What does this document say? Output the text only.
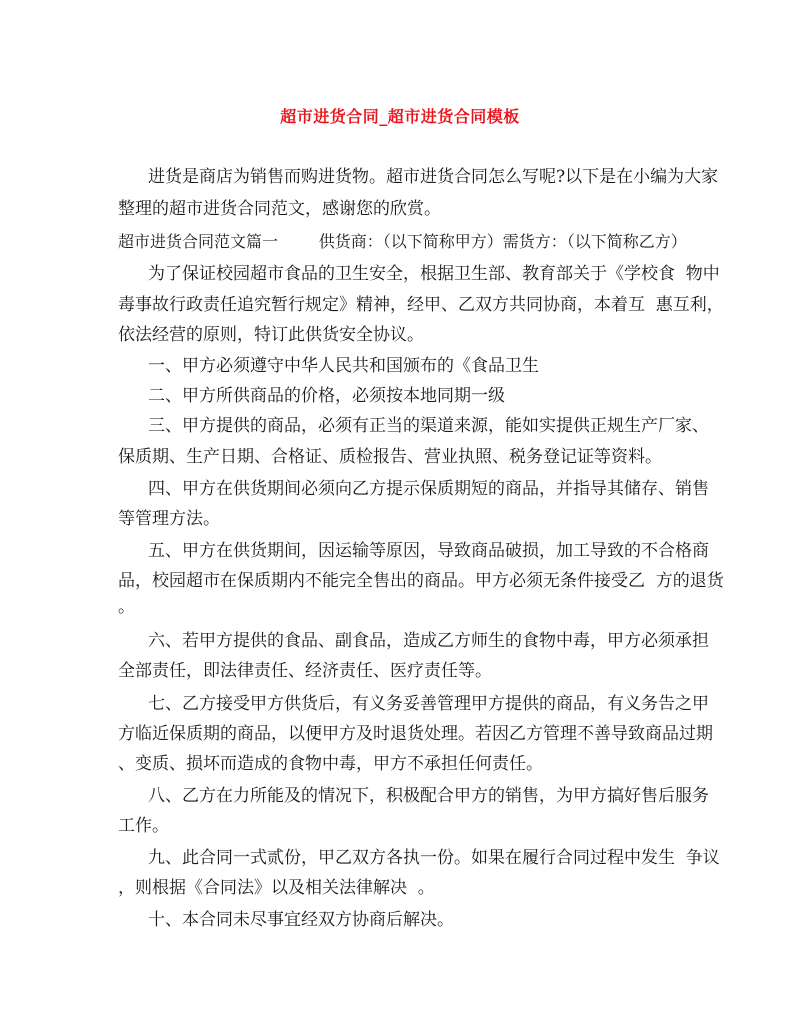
超市进货合同_超市进货合同模板
进货是商店为销售而购进货物。超市进货合同怎么写呢?以下是在小编为大家
整理的超市进货合同范文，感谢您的欣赏。
超市进货合同范文篇一        供货商：（以下简称甲方）需货方：（以下简称乙方）
为了保证校园超市食品的卫生安全，根据卫生部、教育部关于《学校食  物中
毒事故行政责任追究暂行规定》精神，经甲、乙双方共同协商，本着互  惠互利，
依法经营的原则，特订此供货安全协议。
一、甲方必须遵守中华人民共和国颁布的《食品卫生
二、甲方所供商品的价格，必须按本地同期一级
三、甲方提供的商品，必须有正当的渠道来源，能如实提供正规生产厂家、
保质期、生产日期、合格证、质检报告、营业执照、税务登记证等资料。
四、甲方在供货期间必须向乙方提示保质期短的商品，并指导其储存、销售
等管理方法。
五、甲方在供货期间，因运输等原因，导致商品破损，加工导致的不合格商
品，校园超市在保质期内不能完全售出的商品。甲方必须无条件接受乙  方的退货
。
六、若甲方提供的食品、副食品，造成乙方师生的食物中毒，甲方必须承担
全部责任，即法律责任、经济责任、医疗责任等。
七、乙方接受甲方供货后，有义务妥善管理甲方提供的商品，有义务告之甲
方临近保质期的商品，以便甲方及时退货处理。若因乙方管理不善导致商品过期
、变质、损坏而造成的食物中毒，甲方不承担任何责任。
八、乙方在力所能及的情况下，积极配合甲方的销售，为甲方搞好售后服务
工作。
九、此合同一式贰份，甲乙双方各执一份。如果在履行合同过程中发生  争议
，则根据《合同法》以及相关法律解决  。
十、本合同未尽事宜经双方协商后解决。
